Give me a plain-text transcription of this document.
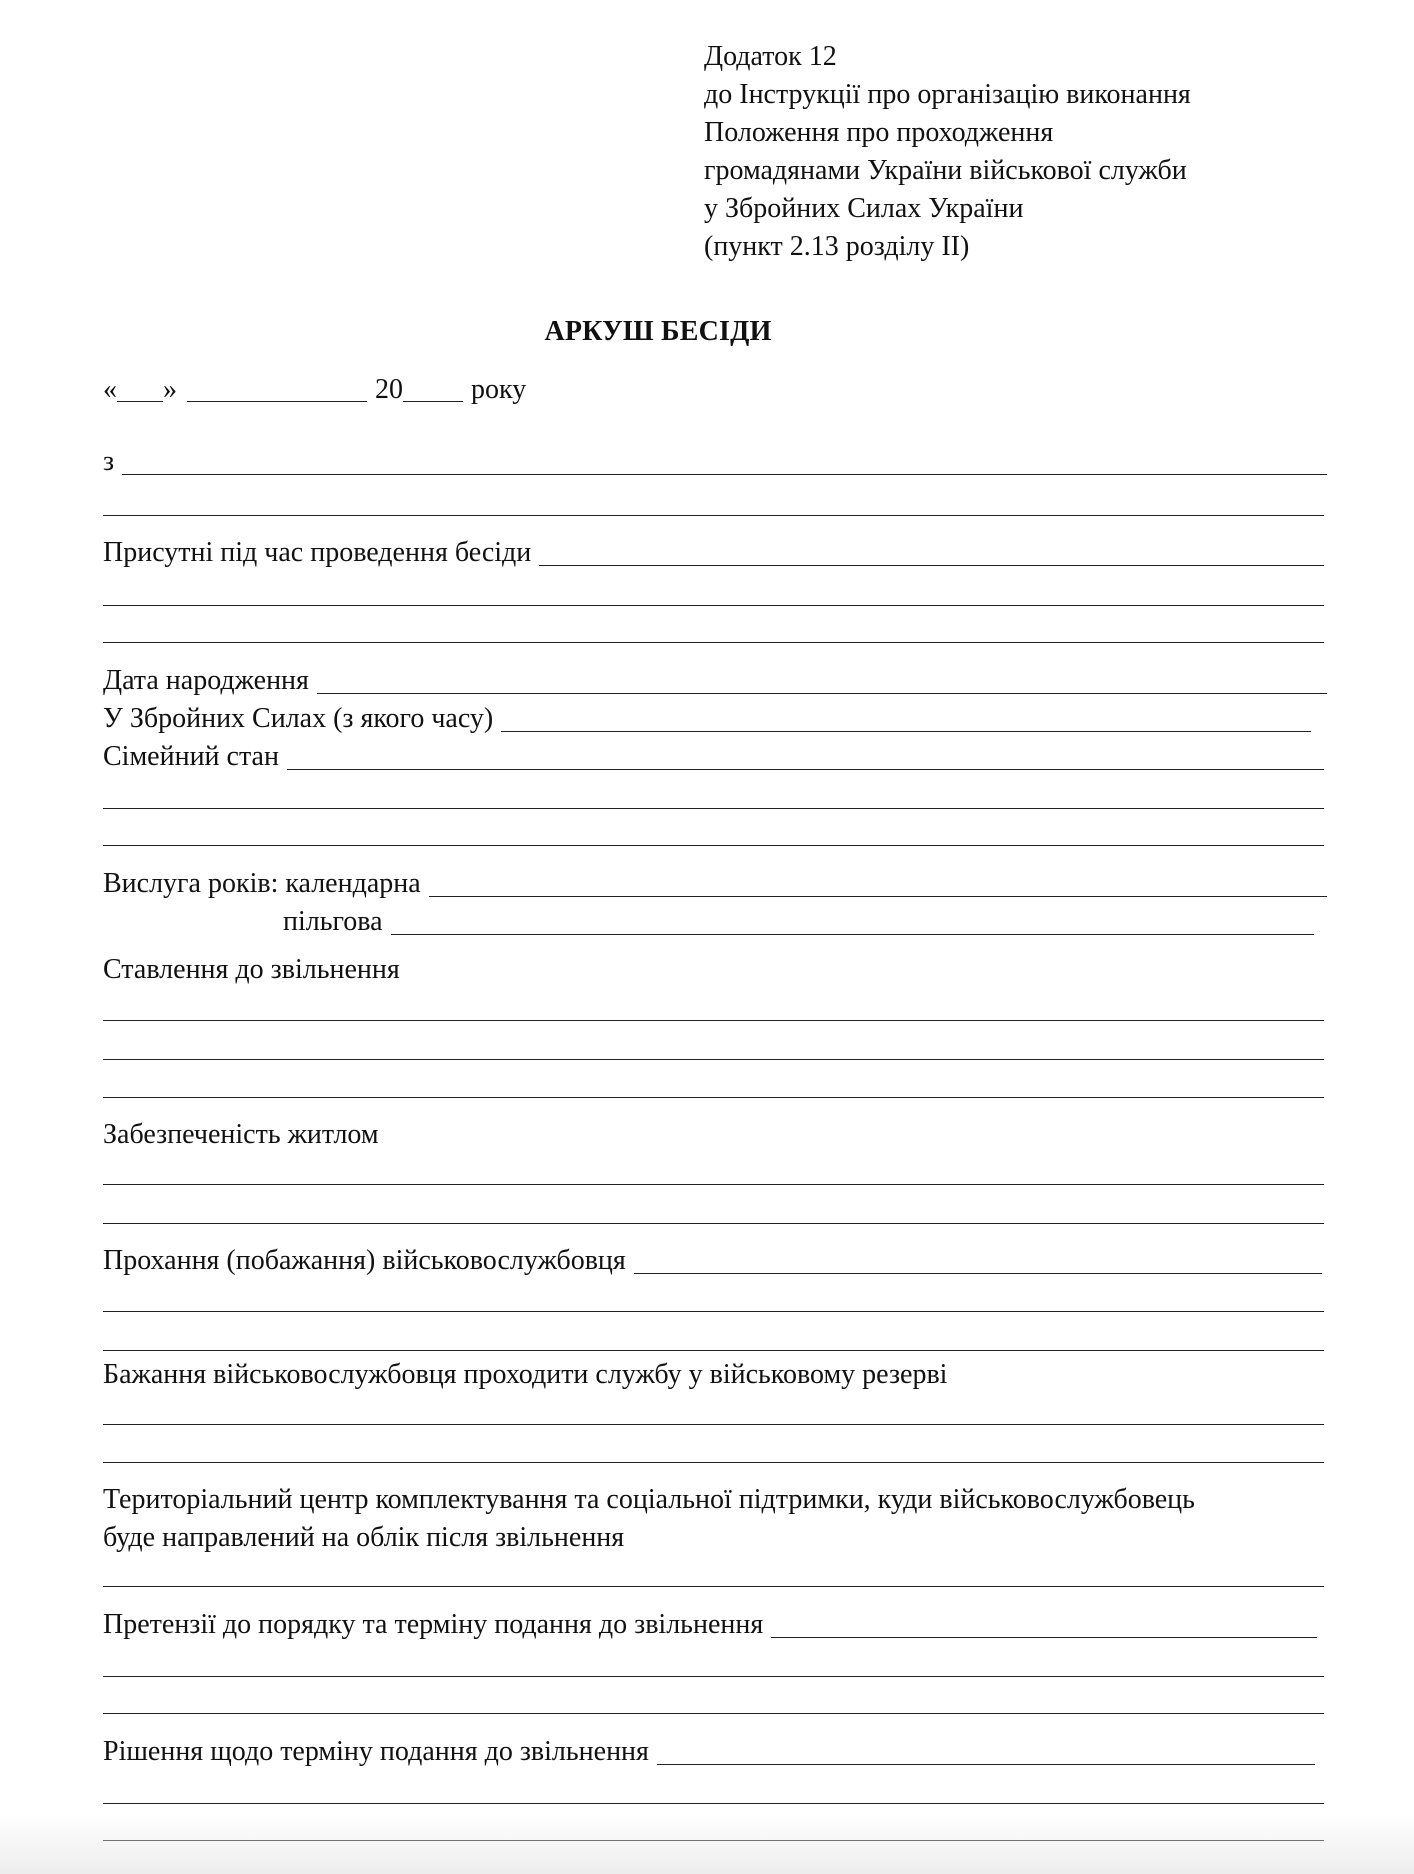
Додаток 12
до Інструкції про організацію виконання
Положення про проходження
громадянами України військової служби
у Збройних Силах України
(пункт 2.13 розділу ІІ)
АРКУШ БЕСІДИ
« »	20 року
з
Присутні під час проведення бесіди
Дата народження
У Збройних Силах (з якого часу)
Сімейний стан
Вислуга років: календарна
пільгова
Ставлення до звільнення
Забезпеченість житлом
Прохання (побажання) військовослужбовця
Бажання військовослужбовця проходити службу у військовому резерві
Територіальний центр комплектування та соціальної підтримки, куди військовослужбовець
буде направлений на облік після звільнення
Претензії до порядку та терміну подання до звільнення
Рішення щодо терміну подання до звільнення
